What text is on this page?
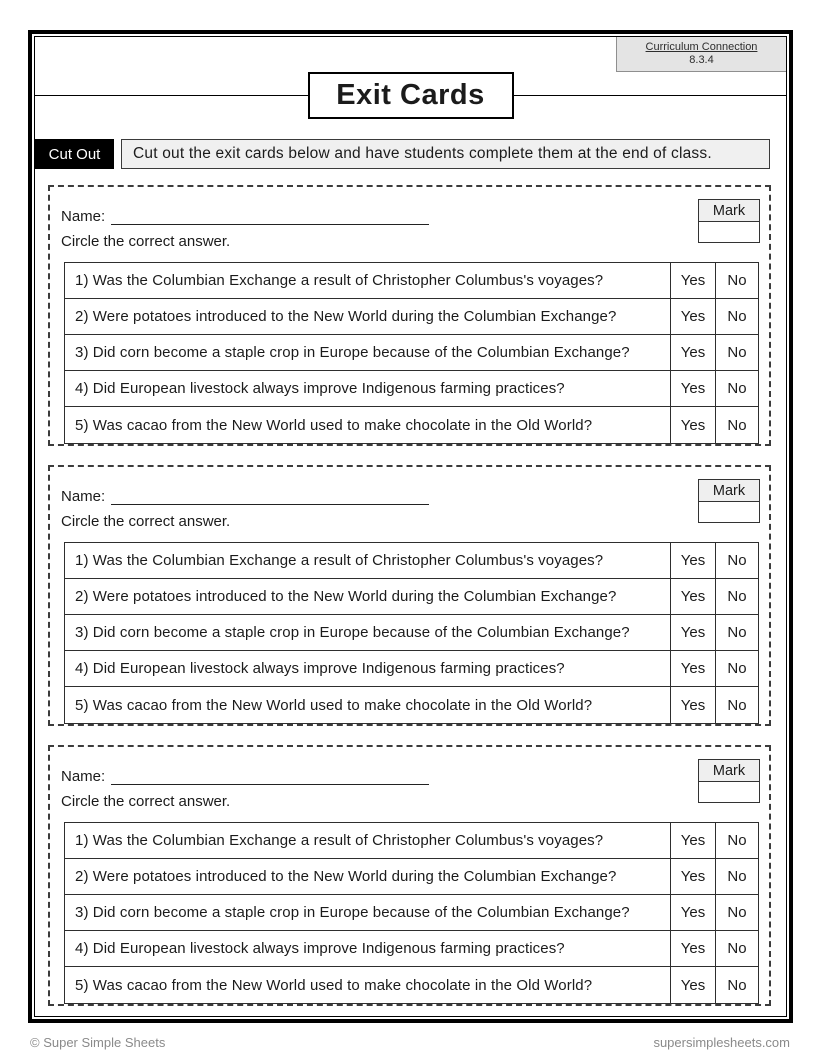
Curriculum Connection
8.3.4
Exit Cards
Cut Out	Cut out the exit cards below and have students complete them at the end of class.
Mark
Name:
Circle the correct answer.
1) Was the Columbian Exchange a result of Christopher Columbus's voyages?	Yes	No
2) Were potatoes introduced to the New World during the Columbian Exchange?	Yes	No
3) Did corn become a staple crop in Europe because of the Columbian Exchange?	Yes	No
4) Did European livestock always improve Indigenous farming practices?	Yes	No
5) Was cacao from the New World used to make chocolate in the Old World?	Yes	No
Mark
Name:
Circle the correct answer.
1) Was the Columbian Exchange a result of Christopher Columbus's voyages?	Yes	No
2) Were potatoes introduced to the New World during the Columbian Exchange?	Yes	No
3) Did corn become a staple crop in Europe because of the Columbian Exchange?	Yes	No
4) Did European livestock always improve Indigenous farming practices?	Yes	No
5) Was cacao from the New World used to make chocolate in the Old World?	Yes	No
Mark
Name:
Circle the correct answer.
1) Was the Columbian Exchange a result of Christopher Columbus's voyages?	Yes	No
2) Were potatoes introduced to the New World during the Columbian Exchange?	Yes	No
3) Did corn become a staple crop in Europe because of the Columbian Exchange?	Yes	No
4) Did European livestock always improve Indigenous farming practices?	Yes	No
5) Was cacao from the New World used to make chocolate in the Old World?	Yes	No
© Super Simple Sheets	supersimplesheets.com
